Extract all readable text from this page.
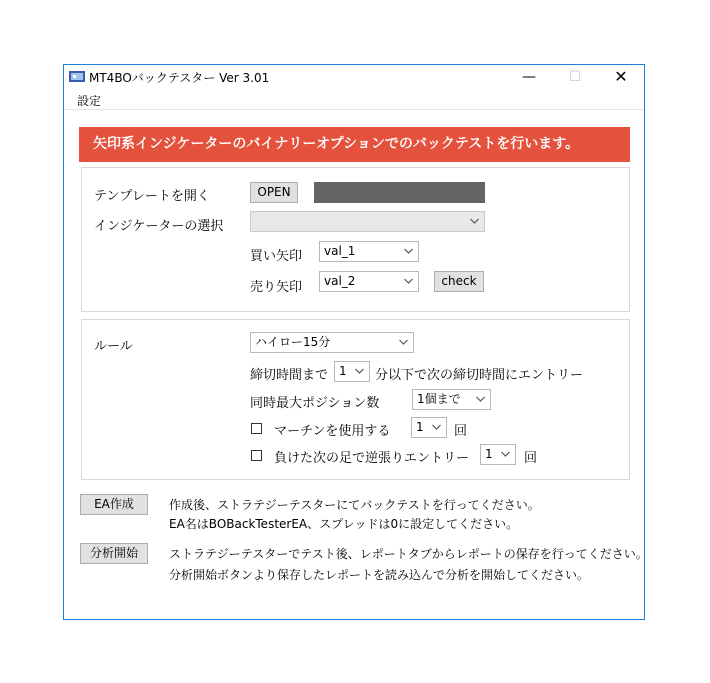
MT4BOバックテスター Ver 3.01	—	☐	✕
設定
矢印系インジケーターのバイナリーオプションでのバックテストを行います。
テンプレートを開く	OPEN
インジケーターの選択
買い矢印	val_1
売り矢印	val_2	check
ルール	ハイロー15分
締切時間まで 1	分以下で次の締切時間にエントリー
同時最大ポジション数	1個まで
マーチンを使用する	1	回
負けた次の足で逆張りエントリー	1	回
EA作成	作成後、ストラテジーテスターにてバックテストを行ってください。
EA名はBOBackTesterEA、スプレッドは0に設定してください。
分析開始	ストラテジーテスターでテスト後、レポートタブからレポートの保存を行ってください。
分析開始ボタンより保存したレポートを読み込んで分析を開始してください。
